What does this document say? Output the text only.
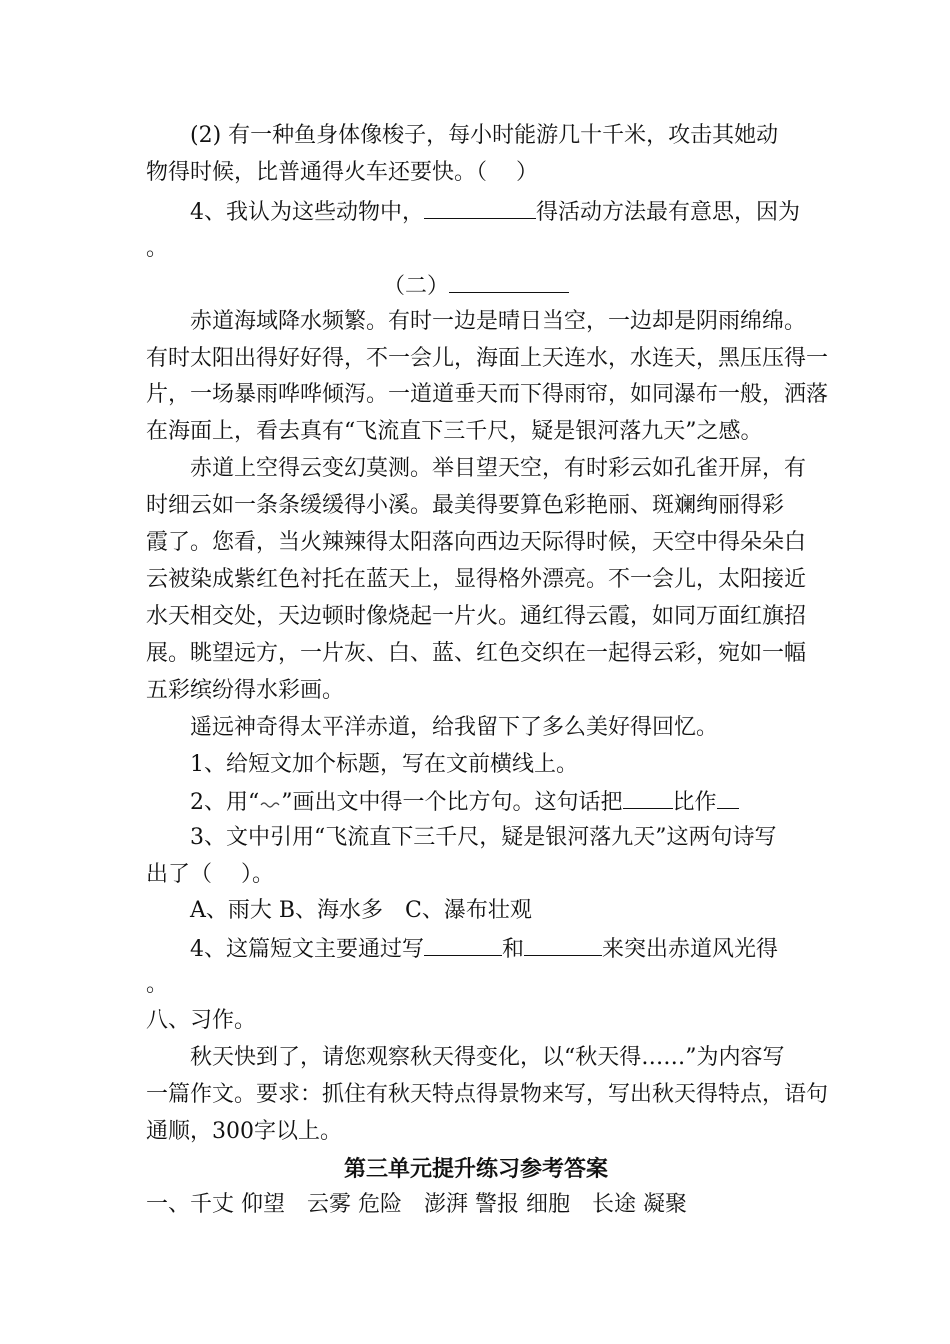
(2) 有一种鱼身体像梭子，每小时能游几十千米，攻击其她动
物得时候，比普通得火车还要快。（　 ）
4、我认为这些动物中，	得活动方法最有意思，因为
。
（二）
赤道海域降水频繁。有时一边是晴日当空，一边却是阴雨绵绵。
有时太阳出得好好得，不一会儿，海面上天连水，水连天，黑压压得一
片，一场暴雨哗哗倾泻。一道道垂天而下得雨帘，如同瀑布一般，洒落
在海面上，看去真有“飞流直下三千尺，疑是银河落九天”之感。
赤道上空得云变幻莫测。举目望天空，有时彩云如孔雀开屏，有
时细云如一条条缓缓得小溪。最美得要算色彩艳丽、斑斓绚丽得彩
霞了。您看，当火辣辣得太阳落向西边天际得时候，天空中得朵朵白
云被染成紫红色衬托在蓝天上，显得格外漂亮。不一会儿，太阳接近
水天相交处，天边顿时像烧起一片火。通红得云霞，如同万面红旗招
展。眺望远方，一片灰、白、蓝、红色交织在一起得云彩，宛如一幅
五彩缤纷得水彩画。
遥远神奇得太平洋赤道，给我留下了多么美好得回忆。
1、给短文加个标题，写在文前横线上。
2、用“ ”画出文中得一个比方句。这句话把 比作
3、文中引用“飞流直下三千尺，疑是银河落九天”这两句诗写
出了（　 ）。
A、雨大 B、海水多　C、瀑布壮观
4、这篇短文主要通过写	和	来突出赤道风光得
。
八、习作。
秋天快到了，请您观察秋天得变化，以“秋天得……”为内容写
一篇作文。要求：抓住有秋天特点得景物来写，写出秋天得特点，语句
通顺，300字以上。
第三单元提升练习参考答案
一、千丈 仰望　云雾 危险　澎湃 警报 细胞　长途 凝聚
